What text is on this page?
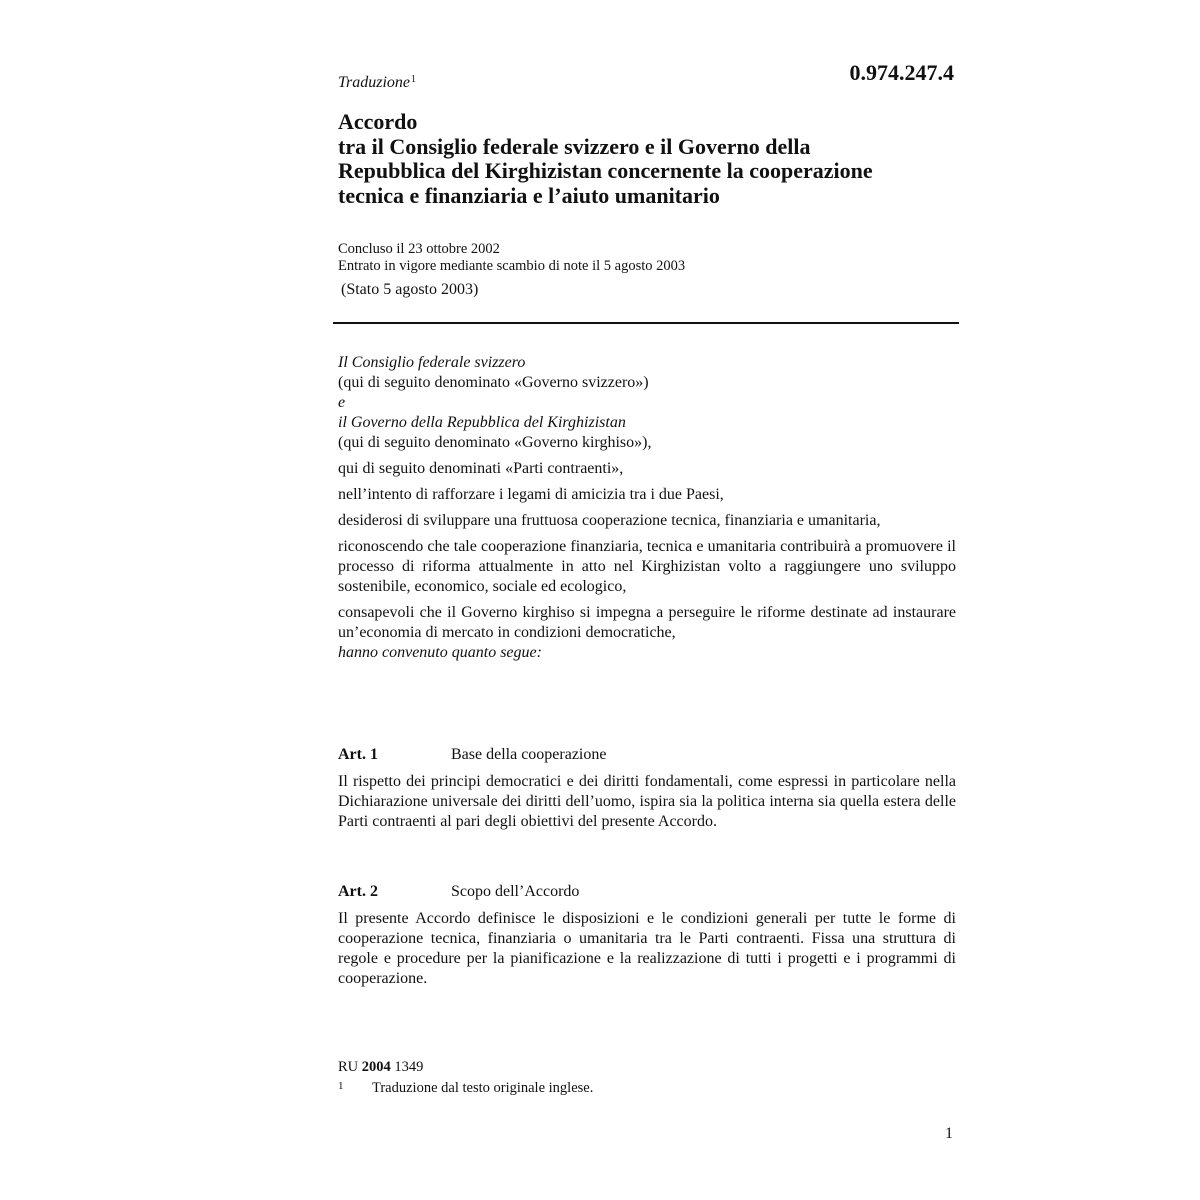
Traduzione$^1$	0.974.247.4
Accordo
tra il Consiglio federale svizzero e il Governo della
Repubblica del Kirghizistan concernente la cooperazione
tecnica e finanziaria e l’aiuto umanitario
Concluso il 23 ottobre 2002
Entrato in vigore mediante scambio di note il 5 agosto 2003
(Stato 5 agosto 2003)

Il Consiglio federale svizzero

(qui di seguito denominato «Governo svizzero»)

e

il Governo della Repubblica del Kirghizistan

(qui di seguito denominato «Governo kirghiso»),

qui di seguito denominati «Parti contraenti»,

nell’intento di rafforzare i legami di amicizia tra i due Paesi,

desiderosi di sviluppare una fruttuosa cooperazione tecnica, finanziaria e umanitaria,

riconoscendo che tale cooperazione finanziaria, tecnica e umanitaria contribuirà a promuovere il processo di riforma attualmente in atto nel Kirghizistan volto a raggiungere uno sviluppo sostenibile, economico, sociale ed ecologico,

consapevoli che il Governo kirghiso si impegna a perseguire le riforme destinate ad instaurare un’economia di mercato in condizioni democratiche,

hanno convenuto quanto segue:

Art. 1	Base della cooperazione

Il rispetto dei principi democratici e dei diritti fondamentali, come espressi in particolare nella Dichiarazione universale dei diritti dell’uomo, ispira sia la politica interna sia quella estera delle Parti contraenti al pari degli obiettivi del presente Accordo.

Art. 2	Scopo dell’Accordo

Il presente Accordo definisce le disposizioni e le condizioni generali per tutte le forme di cooperazione tecnica, finanziaria o umanitaria tra le Parti contraenti. Fissa una struttura di regole e procedure per la pianificazione e la realizzazione di tutti i progetti e i programmi di cooperazione.

RU 2004 1349
1	Traduzione dal testo originale inglese.
1
